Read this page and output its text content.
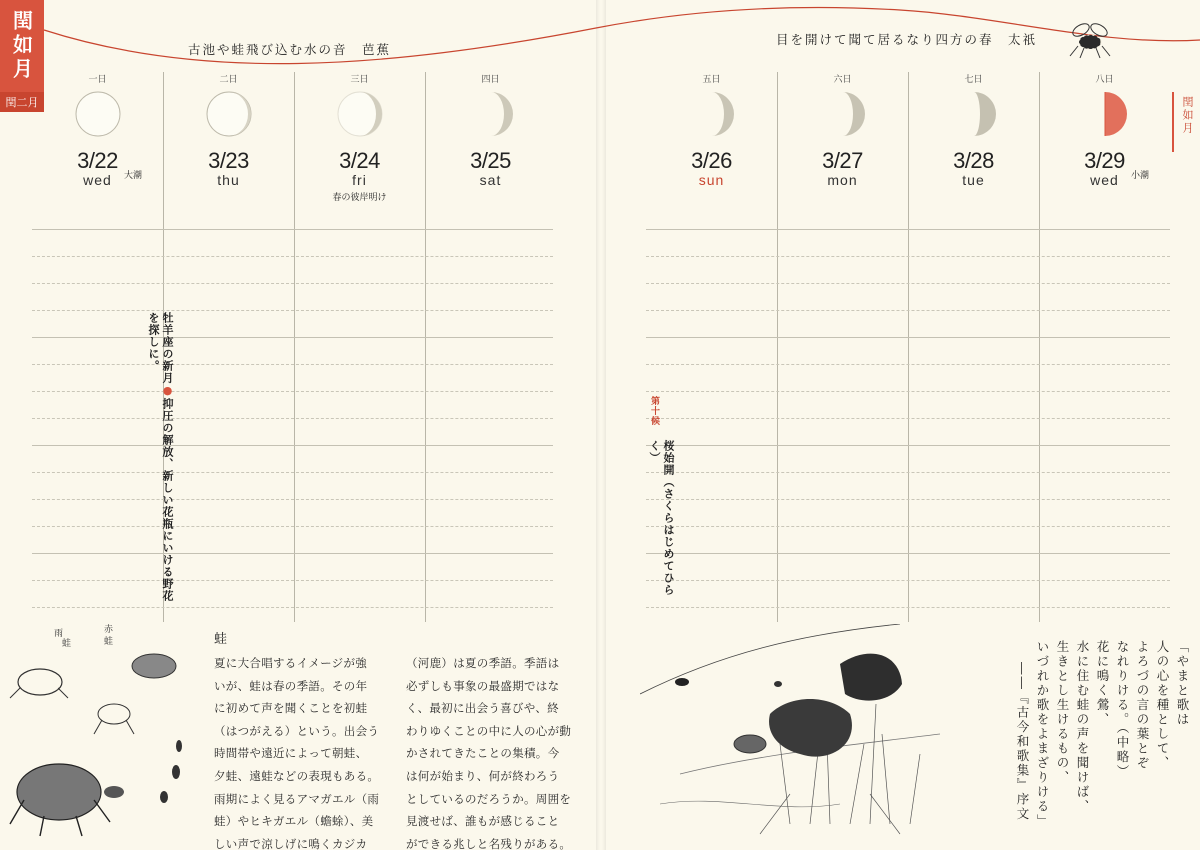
閏如月
閏二月	閏如月
古池や蛙飛び込む水の音　芭蕉
目を開けて聞て居るなり四方の春　太祇
一日
3/22
wed	大潮
二日
3/23
thu
三日
3/24
fri
春の彼岸明け
四日
3/25
sat
五日
3/26
sun
六日
3/27
mon
七日
3/28
tue
八日
3/29
wed	小潮
牡羊座の新月●抑圧の解放、新しい花瓶にいける野花を探しに。
第十候
桜始開（さくらはじめてひらく）
雨
蛙
赤
蛙	蛙
夏に大合唱するイメージが強
いが、蛙は春の季語。その年
に初めて声を聞くことを初蛙
（はつがえる）という。出会う
時間帯や遠近によって朝蛙、
夕蛙、遠蛙などの表現もある。
雨期によく見るアマガエル（雨
蛙）やヒキガエル（蟾蜍）、美
しい声で涼しげに鳴くカジカ
（河鹿）は夏の季語。季語は
必ずしも事象の最盛期ではな
く、最初に出会う喜びや、終
わりゆくことの中に人の心が動
かされてきたことの集積。今
は何が始まり、何が終わろう
としているのだろうか。周囲を
見渡せば、誰もが感じること
ができる兆しと名残りがある。
「やまと歌は
人の心を種として、
よろづの言の葉とぞ
なれりける。（中略）
花に鳴く鶯、
水に住む蛙の声を聞けば、
生きとし生けるもの、
いづれか歌をよまざりける」
――『古今和歌集』序文
